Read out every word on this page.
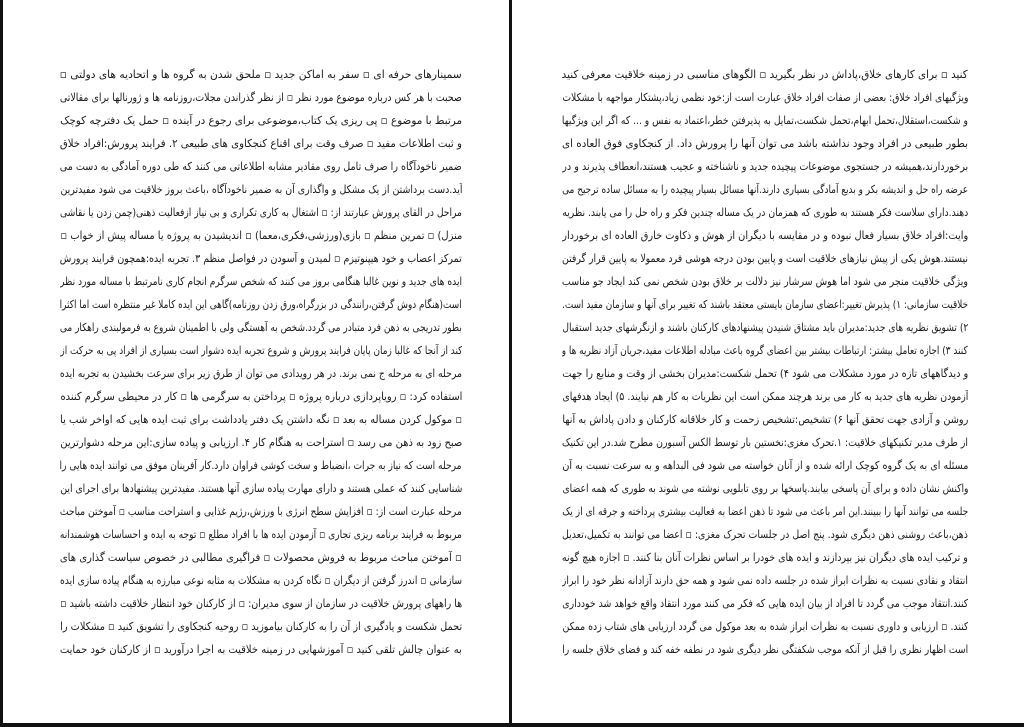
سمینارهای حرفه ای ▫ سفر به اماکن جدید ▫ ملحق شدن به گروه ها و اتحادیه های دولتی ▫
صحبت با هر کس درباره موضوع مورد نظر ▫ از نظر گذراندن مجلات،روزنامه ها و ژورنالها برای مقالاتی
مرتبط با موضوع ▫ پی ریزی یک کتاب،موضوعی برای رجوع در آینده ▫ حمل یک دفترچه کوچک
و ثبت اطلاعات مفید ▫ صرف وقت برای اقناع کنجکاوی های طبیعی ۲. فرایند پرورش:افراد خلاق
ضمیر ناخودآگاه را صرف تامل روی مقادیر مشابه اطلاعاتی می کنند که طی دوره آمادگی به دست می
آید.دست برداشتن از یک مشکل و واگذاری آن به ضمیر ناخودآگاه ،باعث بروز خلاقیت می شود مفیدترین
مراحل در القای پرورش عبارتند از: ▫ اشتغال به کاری تکراری و بی نیاز ازفعالیت ذهنی(چمن زدن یا نقاشی
منزل) ▫ تمرین منظم ▫ بازی(ورزشی،فکری،معما) ▫ اندیشیدن به پروژه یا مساله پیش از خواب ▫
تمرکز اعصاب و خود هیپنوتیزم ▫ لمیدن و آسودن در فواصل منظم ۳. تجربه ایده:همچون فرایند پرورش
ایده های جدید و نوین غالبا هنگامی بروز می کنند که شخص سرگرم انجام کاری نامرتبط با مساله مورد نظر
است(هنگام دوش گرفتن،رانندگی در بزرگراه،ورق زدن روزنامه)گاهی این ایده کاملا غیر منتظره است اما اکثرا
بطور تدریجی به ذهن فرد متبادر می گردد.شخص به آهستگی ولی با اطمینان شروع به فرمولبندی راهکار می
کند از آنجا که غالبا زمان پایان فرایند پرورش و شروع تجربه ایده دشوار است بسیاری از افراد پی به حرکت از
مرحله ای به مرحله ج نمی برند. در هر رویدادی می توان از طرق زیر برای سرعت بخشیدن به تجربه ایده
استفاده کرد: ▫ رویاپردازی درباره پروژه ▫ پرداختن به سرگرمی ها ▫ کار در محیطی سرگرم کننده
▫ موکول کردن مساله به بعد ▫ نگه داشتن یک دفتر یادداشت برای ثبت ایده هایی که اواخر شب یا
صبح زود به ذهن می رسد ▫ استراحت به هنگام کار ۴. ارزیابی و پیاده سازی:این مرحله دشوارترین
مرحله است که نیاز به جرات ،انضباط و سخت کوشی فراوان دارد.کار آفرینان موفق می توانند ایده هایی را
شناسایی کنند که عملی هستند و دارای مهارت پیاده سازی آنها هستند. مفیدترین پیشنهادها برای اجرای این
مرحله عبارت است از: ▫ افزایش سطح انرژی با ورزش،رژیم غذایی و استراحت مناسب ▫ آموختن مباحث
مربوط به فرایند برنامه ریزی تجاری ▫ آزمودن ایده ها با افراد مطلع ▫ توجه به ایده و احساسات هوشمندانه
▫ آموختن مباحث مربوط به فروش محصولات ▫ فراگیری مطالبی در خصوص سیاست گذاری های
سازمانی ▫ اندرز گرفتن از دیگران ▫ نگاه کردن به مشکلات به مثابه نوعی مبارزه به هنگام پیاده سازی ایده
ها راههای پرورش خلاقیت در سازمان از سوی مدیران: ▫ از کارکنان خود انتظار خلاقیت داشته باشید ▫
تحمل شکست و یادگیری از آن را به کارکنان بیاموزید ▫ روحیه کنجکاوی را تشویق کنید ▫ مشکلات را
به عنوان چالش تلقی کنید ▫ آموزشهایی در زمینه خلاقیت به اجرا درآورید ▫ از کارکنان خود حمایت
کنید ▫ برای کارهای خلاق،پاداش در نظر بگیرید ▫ الگوهای مناسبی در زمینه خلاقیت معرفی کنید
ویژگیهای افراد خلاق: بعضی از صفات افراد خلاق عبارت است از:خود نظمی زیاد،پشتکار مواجهه با مشکلات
و شکست،استقلال،تحمل ابهام،تحمل شکست،تمایل به پذیرفتن خطر،اعتماد به نفس و ... که اگر این ویژگیها
بطور طبیعی در افراد وجود نداشته باشد می توان آنها را پرورش داد. از کنجکاوی فوق العاده ای
برخوردارند،همیشه در جستجوی موضوعات پیچیده جدید و ناشناخته و عجیب هستند،انعطاف پذیرند و در
عرضه راه حل و اندیشه بکر و بدیع آمادگی بسیاری دارند.آنها مسائل بسیار پیچیده را به مسائل ساده ترجیح می
دهند.دارای سلاست فکر هستند به طوری که همزمان در یک مساله چندین فکر و راه حل را می یابند. نظریه
وایت:افراد خلاق بسیار فعال نبوده و در مقایسه با دیگران از هوش و ذکاوت خارق العاده ای برخوردار
نیستند.هوش یکی از پیش نیازهای خلاقیت است و پایین بودن درجه هوشی فرد معمولا به پایین قرار گرفتن
ویژگی خلاقیت منجر می شود اما هوش سرشار نیز دلالت بر خلاق بودن شخص نمی کند ایجاد جو مناسب
خلاقیت سازمانی: ۱) پذیرش تغییر:اعضای سازمان بایستی معتقد باشند که تغییر برای آنها و سازمان مفید است.
۲) تشویق نظریه های جدید:مدیران باید مشتاق شنیدن پیشنهادهای کارکنان باشند و ازنگرشهای جدید استقبال
کنند ۳) اجازه تعامل بیشتر: ارتباطات بیشتر بین اعضای گروه باعث مبادله اطلاعات مفید،جریان آزاد نظریه ها و
و دیدگاههای تازه در مورد مشکلات می شود ۴) تحمل شکست:مدیران بخشی از وقت و منابع را جهت
آزمودن نظریه های جدید به کار می برند هرچند ممکن است این نظریات به کار هم نیایند. ۵) ایجاد هدفهای
روشن و آزادی جهت تحقق آنها ۶) تشخیص:تشخیص زحمت و کار خلاقانه کارکنان و دادن پاداش به آنها
از طرف مدیر تکنیکهای خلاقیت: ۱.تحرک مغزی:نخستین بار توسط الکس آسبورن مطرح شد.در این تکنیک
مسئله ای به یک گروه کوچک ارائه شده و از آنان خواسته می شود فی البداهه و به سرعت نسبت به آن
واکنش نشان داده و برای آن پاسخی بیابند.پاسخها بر روی تابلویی نوشته می شوند به طوری که همه اعضای
جلسه می توانند آنها را ببینند.این امر باعث می شود تا ذهن اعضا به فعالیت بیشتری پرداخته و جرقه ای از یک
ذهن،باعث روشنی ذهن دیگری شود. پنج اصل در جلسات تحرک مغزی: ▫ اعضا می توانند به تکمیل،تعدیل
و ترکیب ایده های دیگران نیز بپردازند و ایده های خودرا بر اساس نظرات آنان بنا کنند. ▫ اجازه هیچ گونه
انتقاد و نقادی نسبت به نظرات ابراز شده در جلسه داده نمی شود و همه حق دارند آزادانه نظر خود را ابراز
کنند.انتقاد موجب می گردد تا افراد از بیان ایده هایی که فکر می کنند مورد انتقاد واقع خواهد شد خودداری
کنند. ▫ ارزیابی و داوری نسبت به نظرات ابراز شده به بعد موکول می گردد ارزیابی های شتاب زده ممکن
است اظهار نظری را قبل از آنکه موجب شکفتگی نظر دیگری شود در نطفه خفه کند و فضای خلاق جلسه را
